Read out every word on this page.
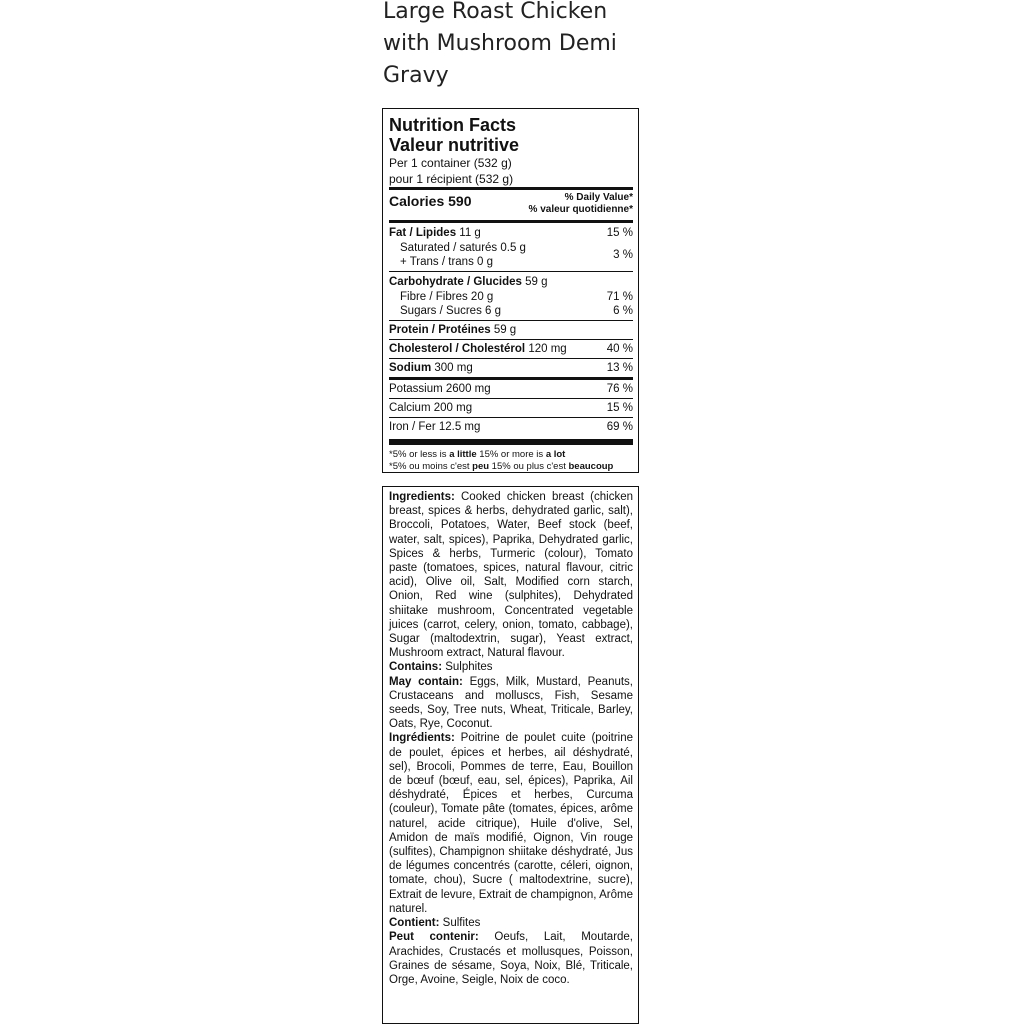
Large Roast Chicken
with Mushroom Demi
Gravy
Nutrition Facts
Valeur nutritive
Per 1 container (532 g)
pour 1 récipient (532 g)
Calories 590	% Daily Value*
% valeur quotidienne*
Fat / Lipides 11 g	15 %
Saturated / saturés 0.5 g
+ Trans / trans 0 g
3 %
Carbohydrate / Glucides 59 g
Fibre / Fibres 20 g	71 %
Sugars / Sucres 6 g	6 %
Protein / Protéines 59 g
Cholesterol / Cholestérol 120 mg	40 %
Sodium 300 mg	13 %
Potassium 2600 mg	76 %
Calcium 200 mg	15 %
Iron / Fer 12.5 mg	69 %
*5% or less is a little 15% or more is a lot
*5% ou moins c'est peu 15% ou plus c'est beaucoup

Ingredients: Cooked chicken breast (chicken breast, spices & herbs, dehydrated garlic, salt), Broccoli, Potatoes, Water, Beef stock (beef, water, salt, spices), Paprika, Dehydrated garlic, Spices & herbs, Turmeric (colour), Tomato paste (tomatoes, spices, natural flavour, citric acid), Olive oil, Salt, Modified corn starch, Onion, Red wine (sulphites), Dehydrated shiitake mushroom, Concentrated vegetable juices (carrot, celery, onion, tomato, cabbage), Sugar (maltodextrin, sugar), Yeast extract, Mushroom extract, Natural flavour.

Contains: Sulphites

May contain: Eggs, Milk, Mustard, Peanuts, Crustaceans and molluscs, Fish, Sesame seeds, Soy, Tree nuts, Wheat, Triticale, Barley, Oats, Rye, Coconut.

Ingrédients: Poitrine de poulet cuite (poitrine de poulet, épices et herbes, ail déshydraté, sel), Brocoli, Pommes de terre, Eau, Bouillon de bœuf (bœuf, eau, sel, épices), Paprika, Ail déshydraté, Épices et herbes, Curcuma (couleur), Tomate pâte (tomates, épices, arôme naturel, acide citrique), Huile d'olive, Sel, Amidon de maïs modifié, Oignon, Vin rouge (sulfites), Champignon shiitake déshydraté, Jus de légumes concentrés (carotte, céleri, oignon, tomate, chou), Sucre ( maltodextrine, sucre), Extrait de levure, Extrait de champignon, Arôme naturel.

Contient: Sulfites

Peut contenir: Oeufs, Lait, Moutarde, Arachides, Crustacés et mollusques, Poisson, Graines de sésame, Soya, Noix, Blé, Triticale, Orge, Avoine, Seigle, Noix de coco.
